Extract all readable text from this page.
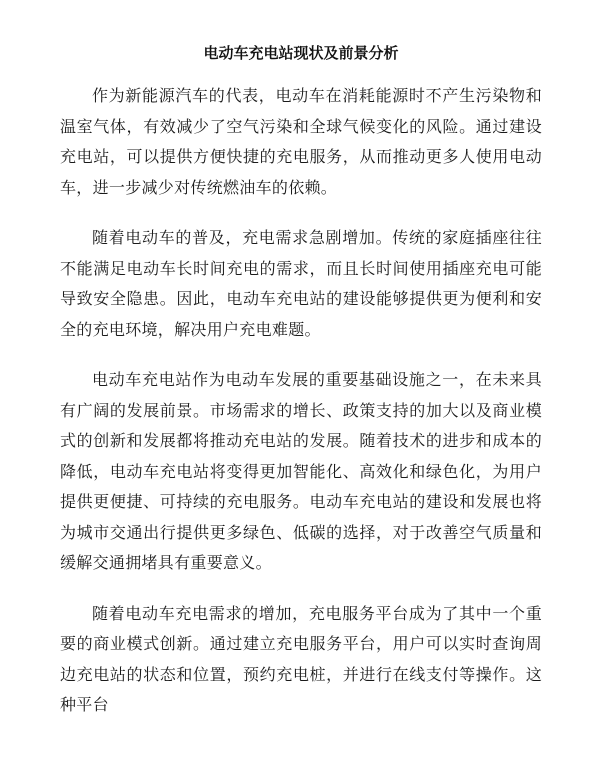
电动车充电站现状及前景分析

作为新能源汽车的代表，电动车在消耗能源时不产生污染物和温室气体，有效减少了空气污染和全球气候变化的风险。通过建设充电站，可以提供方便快捷的充电服务，从而推动更多人使用电动车，进一步减少对传统燃油车的依赖。

随着电动车的普及，充电需求急剧增加。传统的家庭插座往往不能满足电动车长时间充电的需求，而且长时间使用插座充电可能导致安全隐患。因此，电动车充电站的建设能够提供更为便利和安全的充电环境，解决用户充电难题。

电动车充电站作为电动车发展的重要基础设施之一，在未来具有广阔的发展前景。市场需求的增长、政策支持的加大以及商业模式的创新和发展都将推动充电站的发展。随着技术的进步和成本的降低，电动车充电站将变得更加智能化、高效化和绿色化，为用户提供更便捷、可持续的充电服务。电动车充电站的建设和发展也将为城市交通出行提供更多绿色、低碳的选择，对于改善空气质量和缓解交通拥堵具有重要意义。

随着电动车充电需求的增加，充电服务平台成为了其中一个重要的商业模式创新。通过建立充电服务平台，用户可以实时查询周边充电站的状态和位置，预约充电桩，并进行在线支付等操作。这种平台
